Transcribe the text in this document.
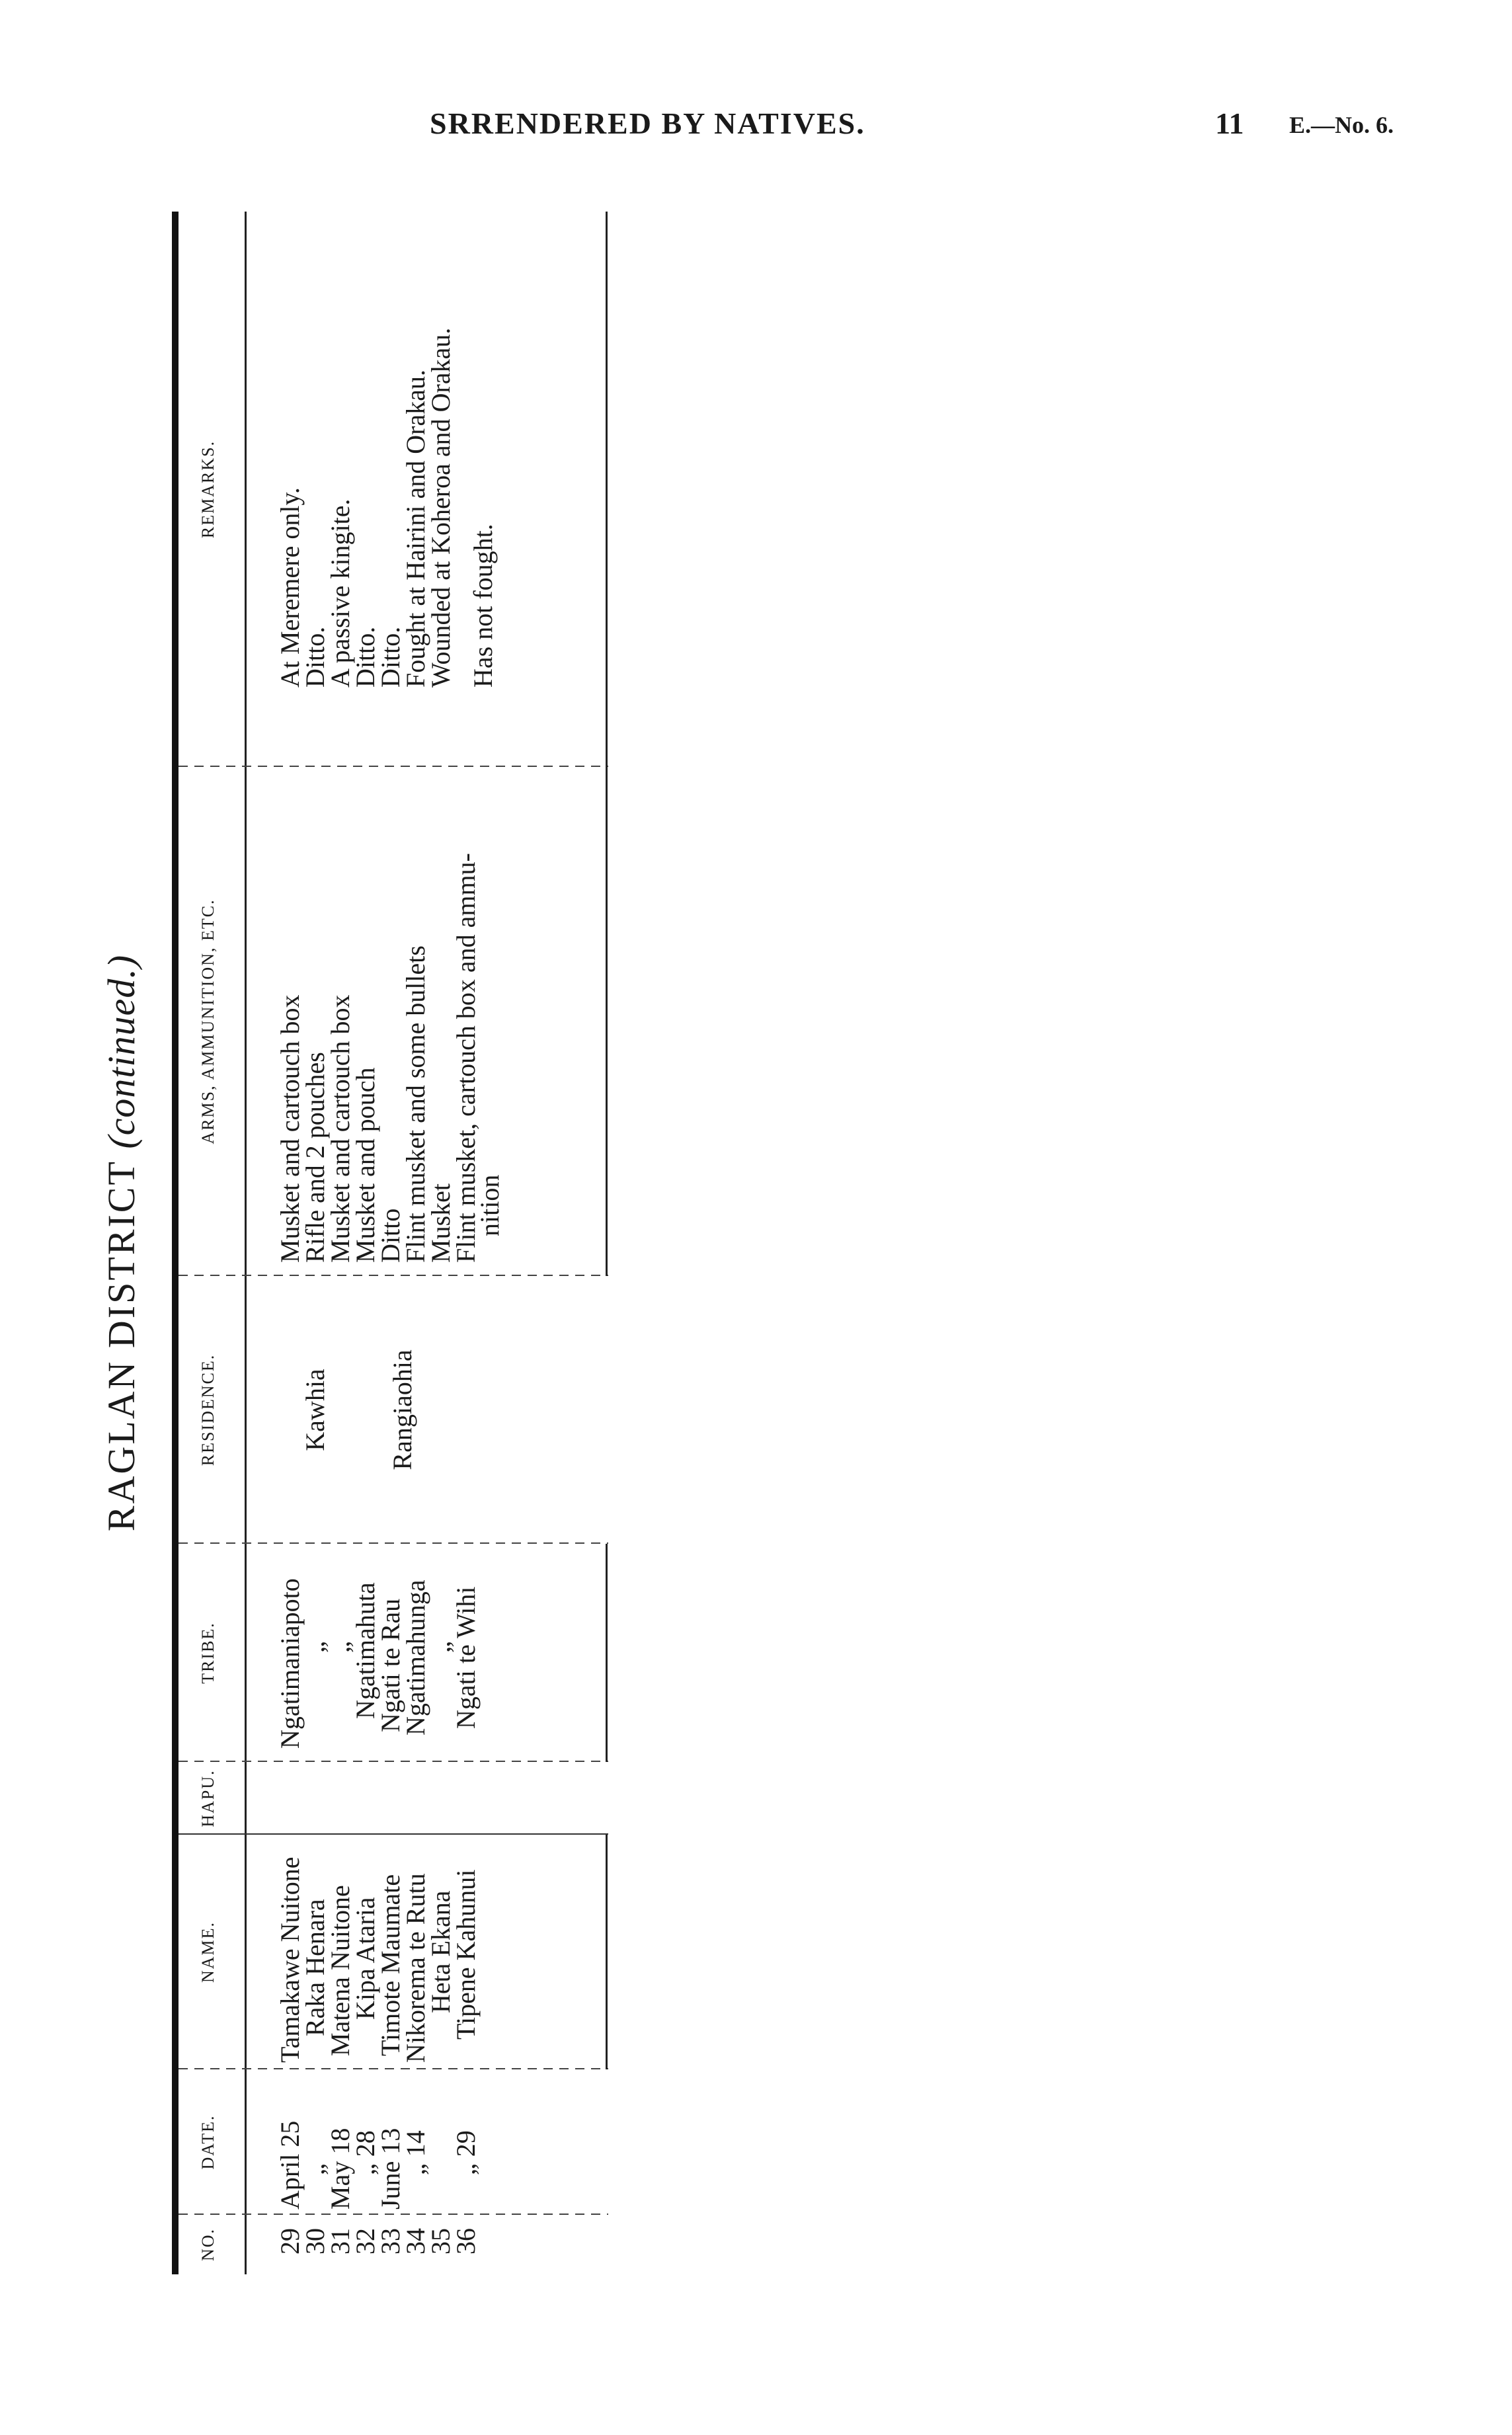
SRRENDERED BY NATIVES.	11 E.—No. 6.
RAGLAN DISTRICT (continued.)
NO.
DATE.
NAME.
HAPU.
TRIBE.
RESIDENCE.
ARMS, AMMUNITION, ETC.
REMARKS.
29
April 25
Tamakawe Nuitone
Ngatimaniapoto
Musket and cartouch box
At Meremere only.
30
„
Raka Henara
„
Rifle and 2 pouches
Ditto.
31
May 18
Matena Nuitone
„
Musket and cartouch box
A passive kingite.
32
„ 28
Kipa Ataria
Ngatimahuta
Musket and pouch
Ditto.
33
June 13
Timote Maumate
Ngati te Rau
Ditto
Ditto.
34
„ 14
Nikorema te Rutu
Ngatimahunga
Flint musket and some bullets
Fought at Hairini and Orakau.
35
Heta Ekana
„
Musket
Wounded at Koheroa and Orakau.
36
„ 29
Tipene Kahunui
Ngati te Wihi
Flint musket, cartouch box and ammu-
Has not fought.
nition
Kawhia Rangiaohia
